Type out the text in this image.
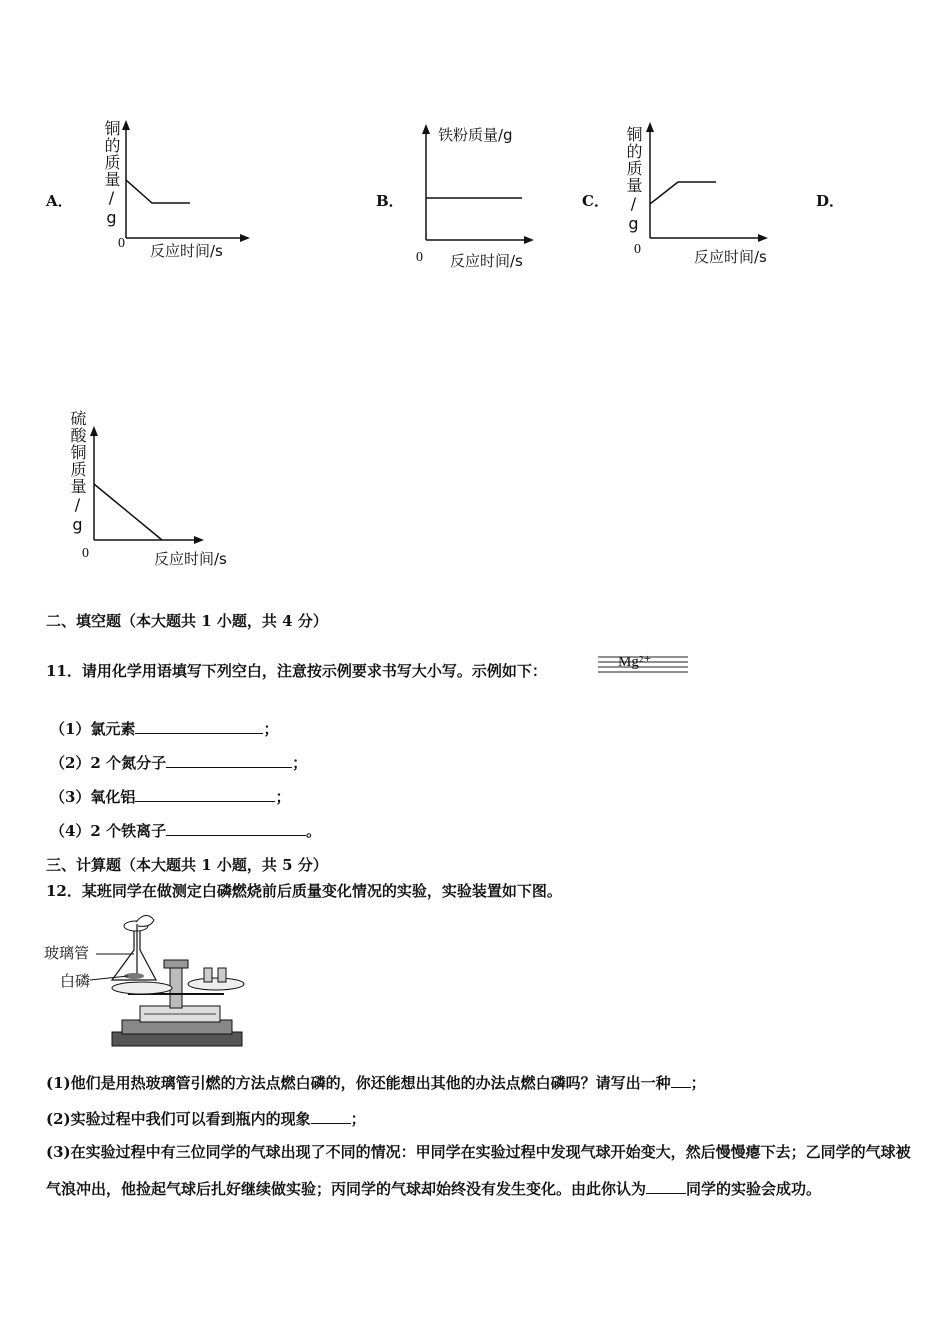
A．	B．	C．	D．
铜的质量/g
0 反应时间/s
铁粉质量/g
0 反应时间/s
铜的质量/g
0	反应时间/s
硫酸铜质量/g
0	反应时间/s
二、填空题（本大题共 1 小题，共 4 分）
11．请用化学用语填写下列空白，注意按示例要求书写大小写。示例如下：	Mg²⁺
（1）氯元素	；
（2）2 个氮分子	；
（3）氧化铝	；
（4）2 个铁离子	。
三、计算题（本大题共 1 小题，共 5 分）
12．某班同学在做测定白磷燃烧前后质量变化情况的实验，实验装置如下图。
玻璃管
白磷
(1)他们是用热玻璃管引燃的方法点燃白磷的，你还能想出其他的办法点燃白磷吗？请写出一种 ；
(2)实验过程中我们可以看到瓶内的现象	；
(3)在实验过程中有三位同学的气球出现了不同的情况：甲同学在实验过程中发现气球开始变大，然后慢慢瘪下去；乙同学的气球被气浪冲出，他捡起气球后扎好继续做实验；丙同学的气球却始终没有发生变化。由此你认为	同学的实验会成功。
